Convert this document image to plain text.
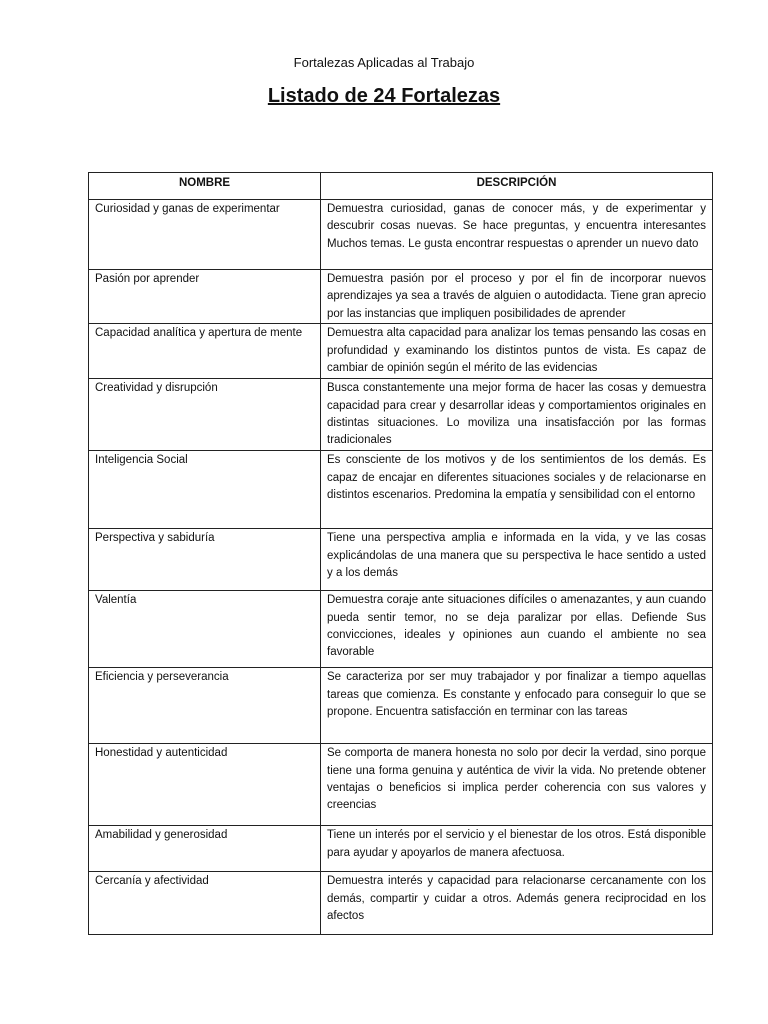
Fortalezas Aplicadas al Trabajo
Listado de 24 Fortalezas
NOMBRE	DESCRIPCIÓN
Curiosidad y ganas de experimentar	Demuestra curiosidad, ganas de conocer más, y de experimentar y descubrir cosas nuevas. Se hace preguntas, y encuentra interesantes Muchos temas. Le gusta encontrar respuestas o aprender un nuevo dato
Pasión por aprender	Demuestra pasión por el proceso y por el fin de incorporar nuevos aprendizajes ya sea a través de alguien o autodidacta. Tiene gran aprecio por las instancias que impliquen posibilidades de aprender
Capacidad analítica y apertura de mente	Demuestra alta capacidad para analizar los temas pensando las cosas en profundidad y examinando los distintos puntos de vista. Es capaz de cambiar de opinión según el mérito de las evidencias
Creatividad y disrupción	Busca constantemente una mejor forma de hacer las cosas y demuestra capacidad para crear y desarrollar ideas y comportamientos originales en distintas situaciones. Lo moviliza una insatisfacción por las formas tradicionales
Inteligencia Social	Es consciente de los motivos y de los sentimientos de los demás. Es capaz de encajar en diferentes situaciones sociales y de relacionarse en distintos escenarios. Predomina la empatía y sensibilidad con el entorno
Perspectiva y sabiduría	Tiene una perspectiva amplia e informada en la vida, y ve las cosas explicándolas de una manera que su perspectiva le hace sentido a usted y a los demás
Valentía	Demuestra coraje ante situaciones difíciles o amenazantes, y aun cuando pueda sentir temor, no se deja paralizar por ellas. Defiende Sus convicciones, ideales y opiniones aun cuando el ambiente no sea favorable
Eficiencia y perseverancia	Se caracteriza por ser muy trabajador y por finalizar a tiempo aquellas tareas que comienza. Es constante y enfocado para conseguir lo que se propone. Encuentra satisfacción en terminar con las tareas
Honestidad y autenticidad	Se comporta de manera honesta no solo por decir la verdad, sino porque tiene una forma genuina y auténtica de vivir la vida. No pretende obtener ventajas o beneficios si implica perder coherencia con sus valores y creencias
Amabilidad y generosidad	Tiene un interés por el servicio y el bienestar de los otros. Está disponible para ayudar y apoyarlos de manera afectuosa.
Cercanía y afectividad	Demuestra interés y capacidad para relacionarse cercanamente con los demás, compartir y cuidar a otros. Además genera reciprocidad en los afectos
